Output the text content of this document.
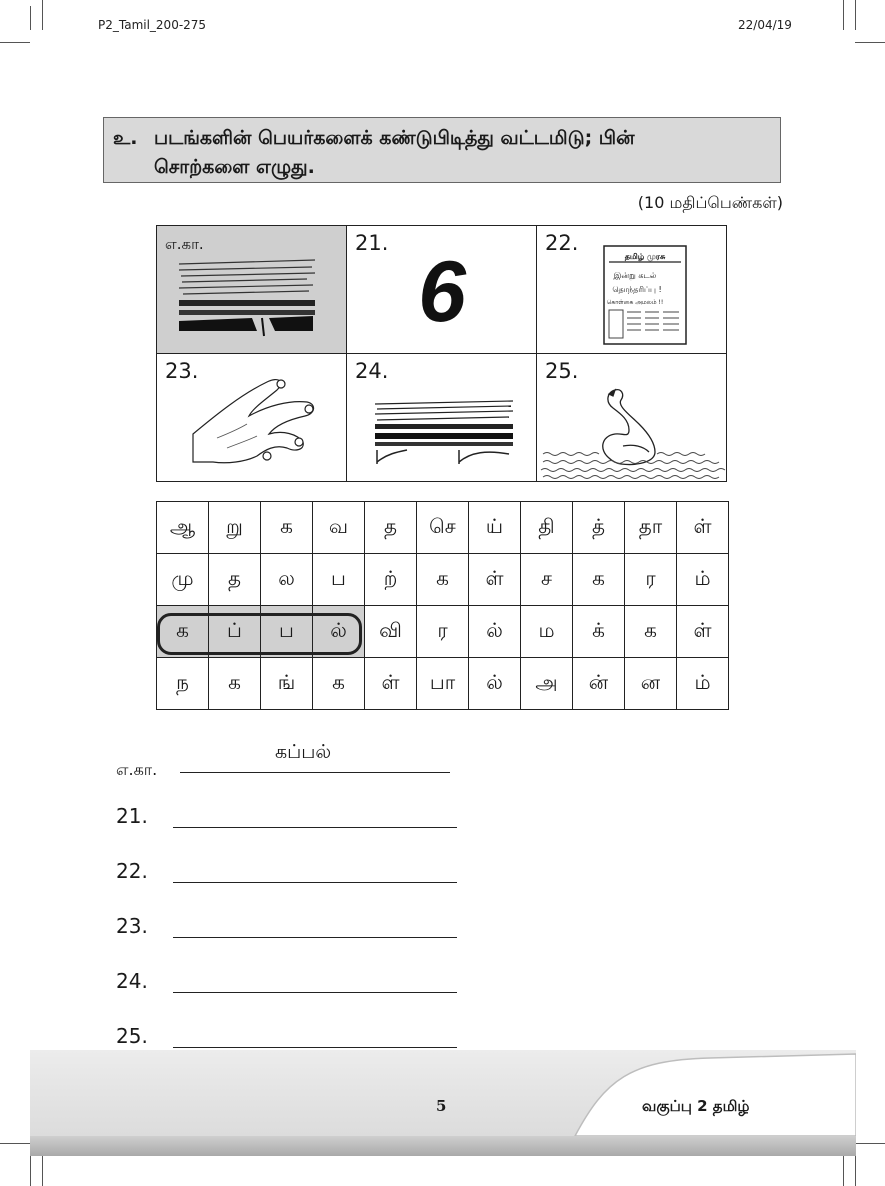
P2_Tamil_200-275	22/04/19
உ. படங்களின் பெயர்களைக் கண்டுபிடித்து வட்டமிடு; பின்
சொற்களை எழுது.
(10 மதிப்பெண்கள்)
எ.கா.	21.
6	22.
தமிழ் முரசு
இன்று கடல்
தொந்தரிப்பு !
கொள்கை அமலம் !!

23.	24.	25.
ஆ	று	க	வ	த	செ	ய்	தி	த்	தா	ள்
மு	த	ல	ப	ற்	க	ள்	ச	க	ர	ம்
க	ப்	ப	ல்	வி	ர	ல்	ம	க்	க	ள்
ந	க	ங்	க	ள்	பா	ல்	அ	ன்	ன	ம்
எ.கா.
கப்பல்
21.
22.
23.
24.
25.
5	வகுப்பு 2 தமிழ்
